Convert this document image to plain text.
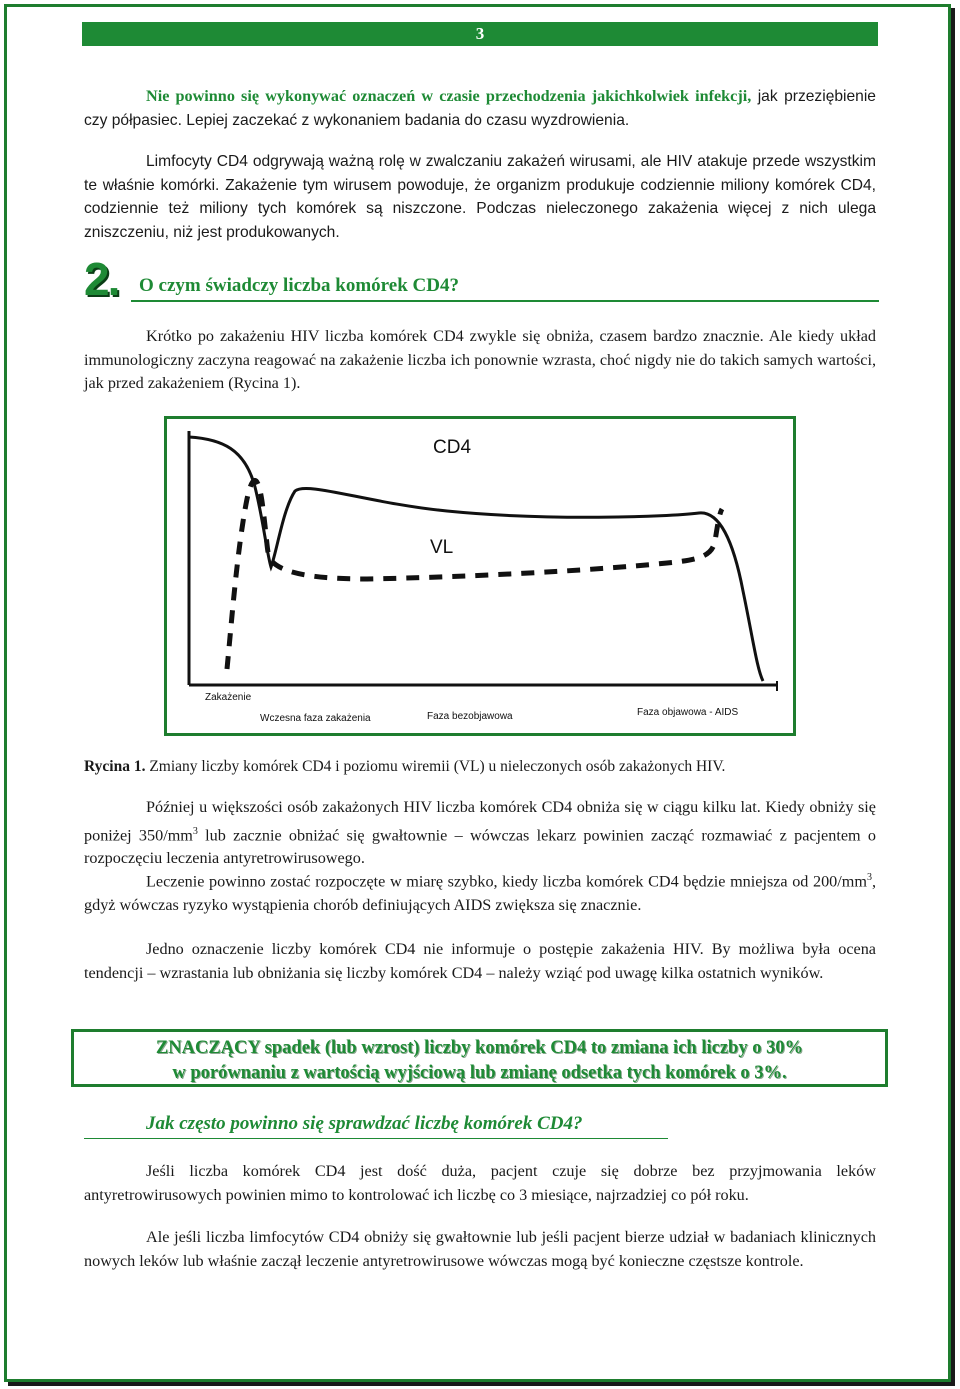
3

Nie powinno się wykonywać oznaczeń w czasie przechodzenia jakichkolwiek infekcji, jak przeziębienie czy półpasiec. Lepiej zaczekać z wykonaniem badania do czasu wyzdrowienia.

Limfocyty CD4 odgrywają ważną rolę w zwalczaniu zakażeń wirusami, ale HIV atakuje przede wszystkim te właśnie komórki. Zakażenie tym wirusem powoduje, że organizm produkuje codziennie miliony komórek CD4, codziennie też miliony tych komórek są niszczone. Podczas nieleczonego zakażenia więcej z nich ulega zniszczeniu, niż jest produkowanych.

2. O czym świadczy liczba komórek CD4?

Krótko po zakażeniu HIV liczba komórek CD4 zwykle się obniża, czasem bardzo znacznie. Ale kiedy układ immunologiczny zaczyna reagować na zakażenie liczba ich ponownie wzrasta, choć nigdy nie do takich samych wartości, jak przed zakażeniem (Rycina 1).

CD4
VL
Zakażenie
Wczesna faza zakażenia	Faza bezobjawowa	Faza objawowa - AIDS

Rycina 1. Zmiany liczby komórek CD4 i poziomu wiremii (VL) u nieleczonych osób zakażonych HIV.

Później u większości osób zakażonych HIV liczba komórek CD4 obniża się w ciągu kilku lat. Kiedy obniży się poniżej $350/mm^3$ lub zacznie obniżać się gwałtownie – wówczas lekarz powinien zacząć rozmawiać z pacjentem o rozpoczęciu leczenia antyretrowirusowego.

Leczenie powinno zostać rozpoczęte w miarę szybko, kiedy liczba komórek CD4 będzie mniejsza od $200/mm^3$, gdyż wówczas ryzyko wystąpienia chorób definiujących AIDS zwiększa się znacznie.

Jedno oznaczenie liczby komórek CD4 nie informuje o postępie zakażenia HIV. By możliwa była ocena tendencji – wzrastania lub obniżania się liczby komórek CD4 – należy wziąć pod uwagę kilka ostatnich wyników.

ZNACZĄCY spadek (lub wzrost) liczby komórek CD4 to zmiana ich liczby o 30%

w porównaniu z wartością wyjściową lub zmianę odsetka tych komórek o 3%.

Jak często powinno się sprawdzać liczbę komórek CD4?

Jeśli liczba komórek CD4 jest dość duża, pacjent czuje się dobrze bez przyjmowania leków antyretrowirusowych powinien mimo to kontrolować ich liczbę co 3 miesiące, najrzadziej co pół roku.

Ale jeśli liczba limfocytów CD4 obniży się gwałtownie lub jeśli pacjent bierze udział w badaniach klinicznych nowych leków lub właśnie zaczął leczenie antyretrowirusowe wówczas mogą być konieczne częstsze kontrole.
